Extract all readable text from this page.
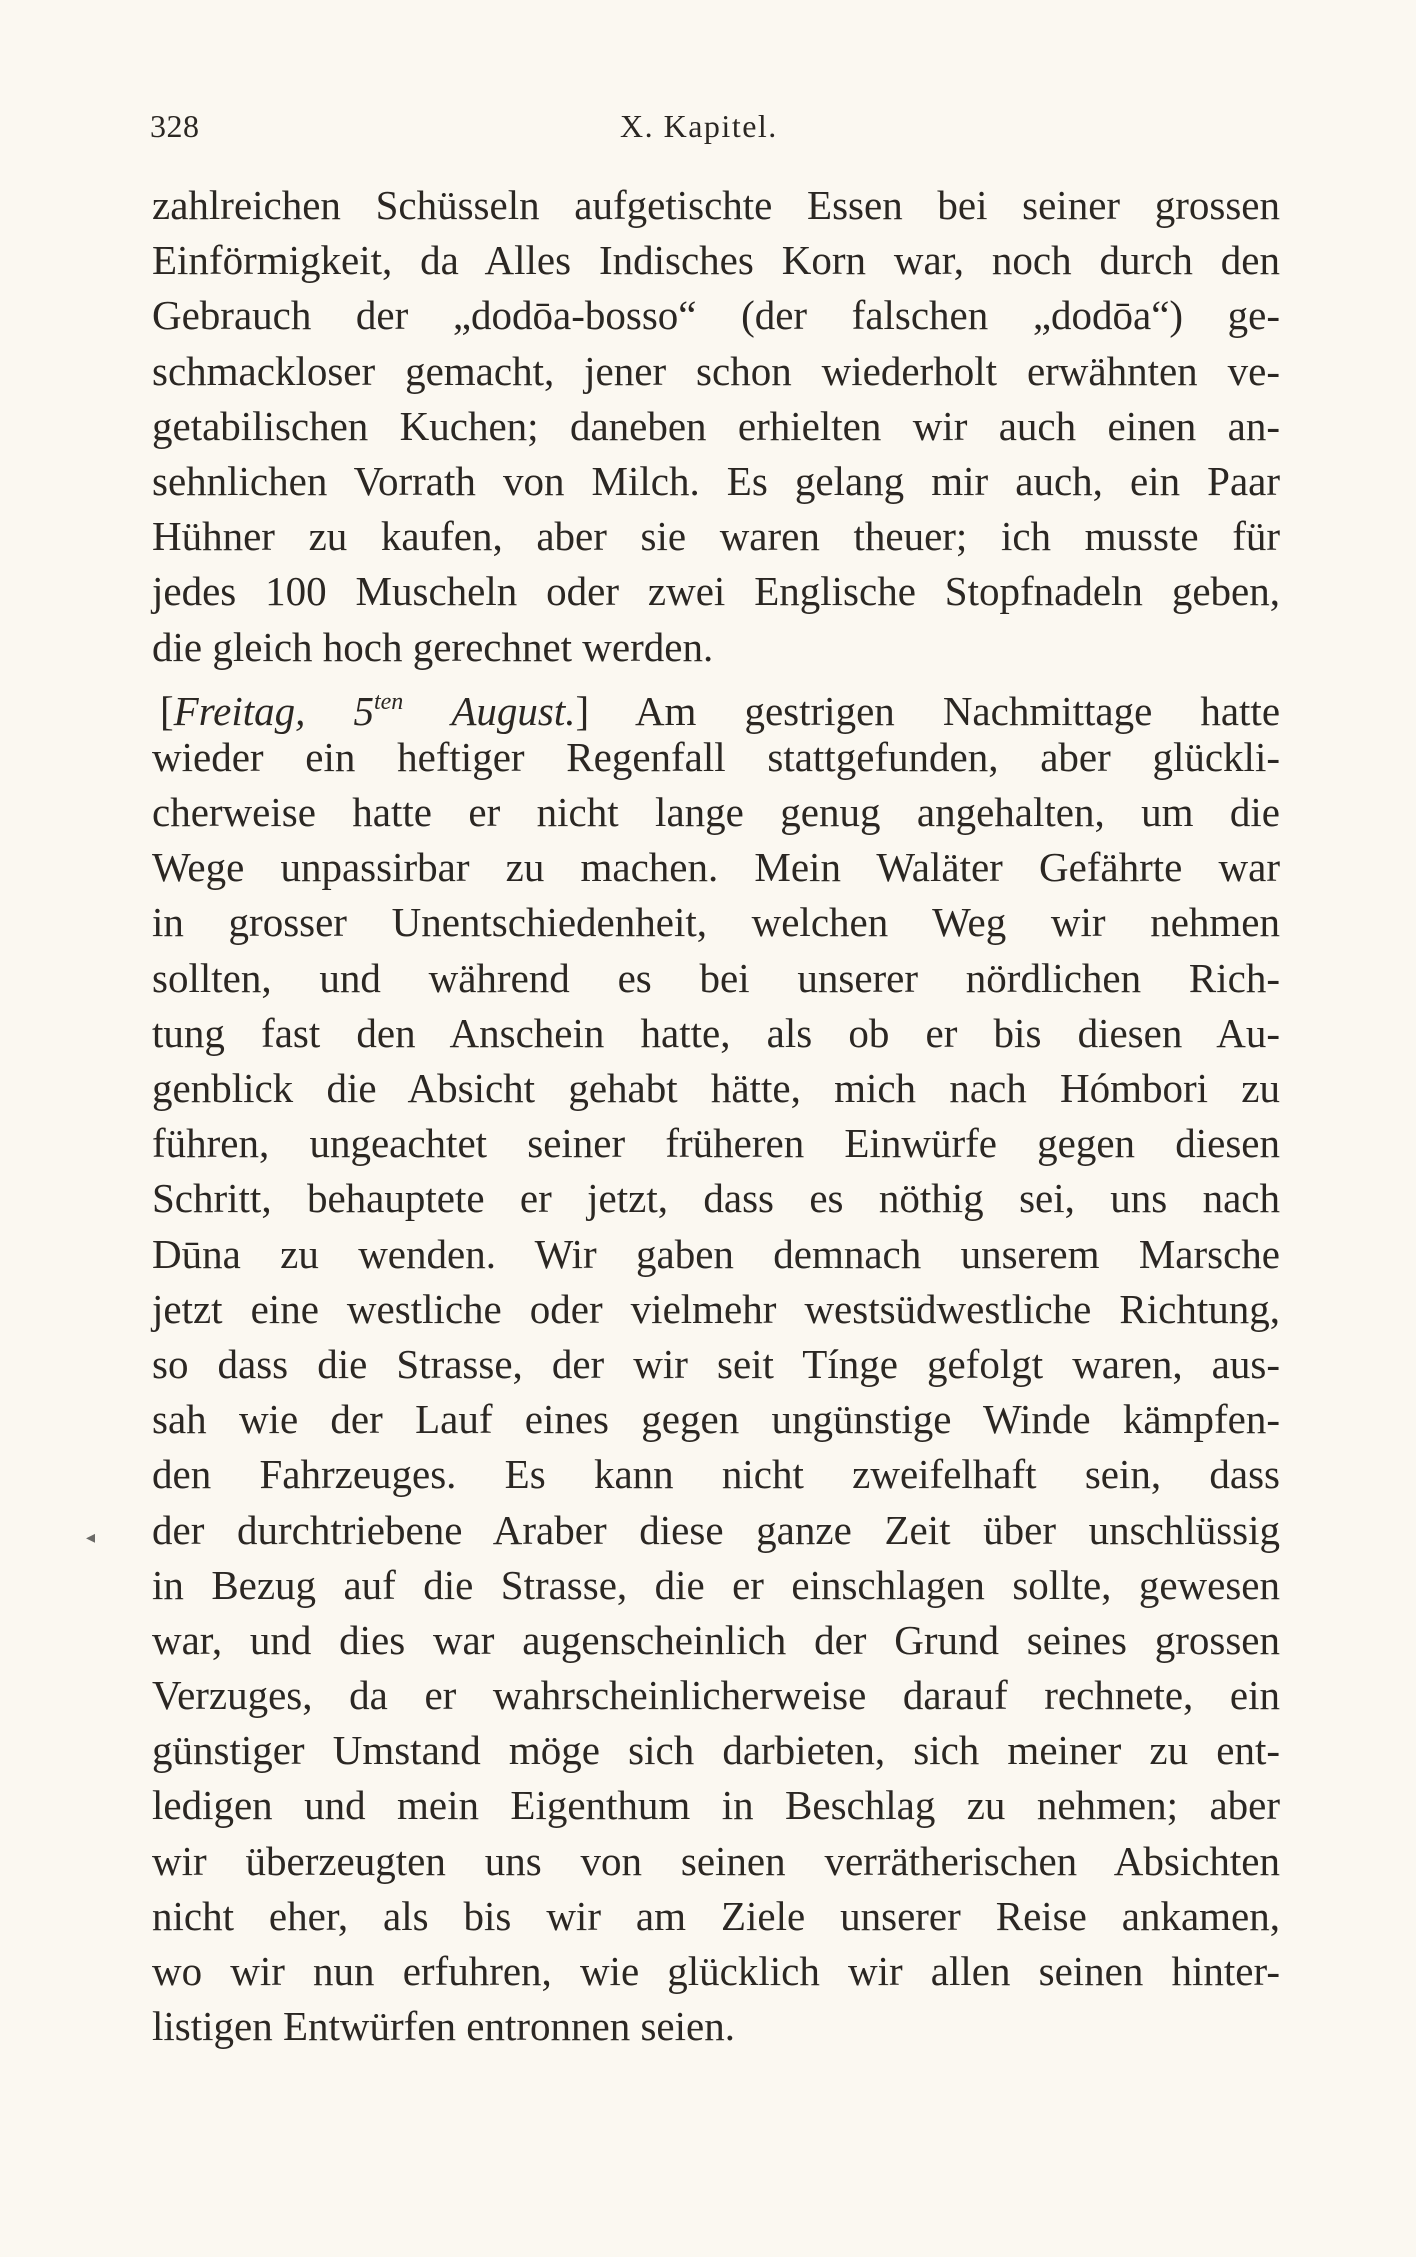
328	X. Kapitel.
◂
zahlreichen Schüsseln aufgetischte Essen bei seiner grossen
Einförmigkeit, da Alles Indisches Korn war, noch durch den
Gebrauch der „dodōa-bosso“ (der falschen „dodōa“) ge-
schmackloser gemacht, jener schon wiederholt erwähnten ve-
getabilischen Kuchen; daneben erhielten wir auch einen an-
sehnlichen Vorrath von Milch. Es gelang mir auch, ein Paar
Hühner zu kaufen, aber sie waren theuer; ich musste für
jedes 100 Muscheln oder zwei Englische Stopfnadeln geben,
die gleich hoch gerechnet werden.
[Freitag, $5^{ten}$ August.] Am gestrigen Nachmittage hatte
wieder ein heftiger Regenfall stattgefunden, aber glückli-
cherweise hatte er nicht lange genug angehalten, um die
Wege unpassirbar zu machen. Mein Waläter Gefährte war
in grosser Unentschiedenheit, welchen Weg wir nehmen
sollten, und während es bei unserer nördlichen Rich-
tung fast den Anschein hatte, als ob er bis diesen Au-
genblick die Absicht gehabt hätte, mich nach Hómbori zu
führen, ungeachtet seiner früheren Einwürfe gegen diesen
Schritt, behauptete er jetzt, dass es nöthig sei, uns nach
Dūna zu wenden. Wir gaben demnach unserem Marsche
jetzt eine westliche oder vielmehr westsüdwestliche Richtung,
so dass die Strasse, der wir seit Tínge gefolgt waren, aus-
sah wie der Lauf eines gegen ungünstige Winde kämpfen-
den Fahrzeuges. Es kann nicht zweifelhaft sein, dass
der durchtriebene Araber diese ganze Zeit über unschlüssig
in Bezug auf die Strasse, die er einschlagen sollte, gewesen
war, und dies war augenscheinlich der Grund seines grossen
Verzuges, da er wahrscheinlicherweise darauf rechnete, ein
günstiger Umstand möge sich darbieten, sich meiner zu ent-
ledigen und mein Eigenthum in Beschlag zu nehmen; aber
wir überzeugten uns von seinen verrätherischen Absichten
nicht eher, als bis wir am Ziele unserer Reise ankamen,
wo wir nun erfuhren, wie glücklich wir allen seinen hinter-
listigen Entwürfen entronnen seien.
